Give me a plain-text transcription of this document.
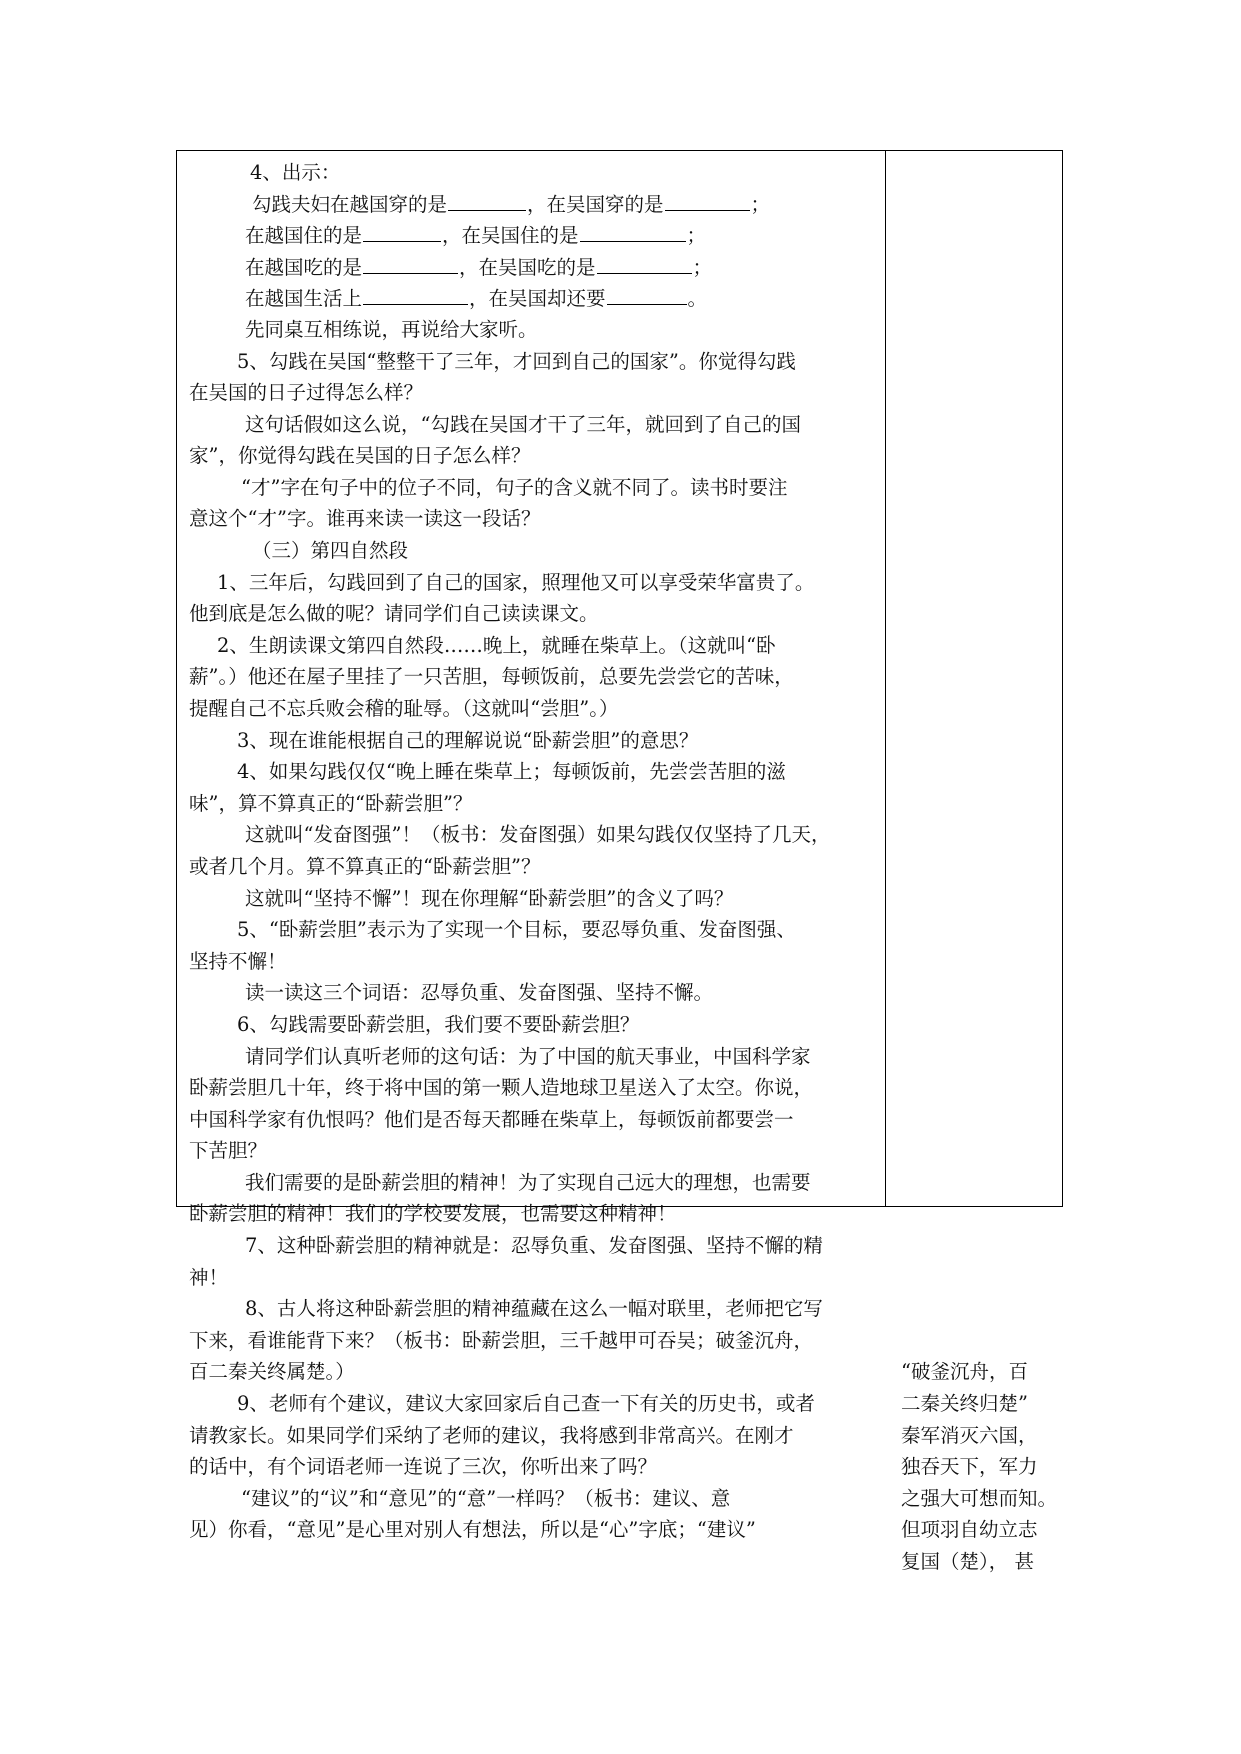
4、出示：
勾践夫妇在越国穿的是	，在吴国穿的是	；
在越国住的是	，在吴国住的是	；
在越国吃的是	，在吴国吃的是	；
在越国生活上	，在吴国却还要	。
先同桌互相练说，再说给大家听。
5、勾践在吴国“整整干了三年，才回到自己的国家”。你觉得勾践
在吴国的日子过得怎么样？
这句话假如这么说，“勾践在吴国才干了三年，就回到了自己的国
家”，你觉得勾践在吴国的日子怎么样？
“才”字在句子中的位子不同，句子的含义就不同了。读书时要注
意这个“才”字。谁再来读一读这一段话？
（三）第四自然段
1、三年后，勾践回到了自己的国家，照理他又可以享受荣华富贵了。
他到底是怎么做的呢？请同学们自己读读课文。
2、生朗读课文第四自然段……晚上，就睡在柴草上。（这就叫“卧
薪”。）他还在屋子里挂了一只苦胆，每顿饭前，总要先尝尝它的苦味，
提醒自己不忘兵败会稽的耻辱。（这就叫“尝胆”。）
3、现在谁能根据自己的理解说说“卧薪尝胆”的意思？
4、如果勾践仅仅“晚上睡在柴草上；每顿饭前，先尝尝苦胆的滋
味”，算不算真正的“卧薪尝胆”？
这就叫“发奋图强”！（板书：发奋图强）如果勾践仅仅坚持了几天，
或者几个月。算不算真正的“卧薪尝胆”？
这就叫“坚持不懈”！现在你理解“卧薪尝胆”的含义了吗？
5、“卧薪尝胆”表示为了实现一个目标，要忍辱负重、发奋图强、
坚持不懈！
读一读这三个词语：忍辱负重、发奋图强、坚持不懈。
6、勾践需要卧薪尝胆，我们要不要卧薪尝胆？
请同学们认真听老师的这句话：为了中国的航天事业，中国科学家
卧薪尝胆几十年，终于将中国的第一颗人造地球卫星送入了太空。你说，
中国科学家有仇恨吗？他们是否每天都睡在柴草上，每顿饭前都要尝一
下苦胆？
我们需要的是卧薪尝胆的精神！为了实现自己远大的理想，也需要
卧薪尝胆的精神！我们的学校要发展，也需要这种精神！
7、这种卧薪尝胆的精神就是：忍辱负重、发奋图强、坚持不懈的精
神！
8、古人将这种卧薪尝胆的精神蕴藏在这么一幅对联里，老师把它写
下来，看谁能背下来？（板书：卧薪尝胆，三千越甲可吞吴；破釜沉舟，
百二秦关终属楚。）
9、老师有个建议，建议大家回家后自己查一下有关的历史书，或者
请教家长。如果同学们采纳了老师的建议，我将感到非常高兴。在刚才
的话中，有个词语老师一连说了三次，你听出来了吗？
“建议”的“议”和“意见”的“意”一样吗？（板书：建议、意
见）你看，“意见”是心里对别人有想法，所以是“心”字底；“建议”
“破釜沉舟，百
二秦关终归楚”
秦军消灭六国，
独吞天下，军力
之强大可想而知。
但项羽自幼立志
复国（楚）， 甚
